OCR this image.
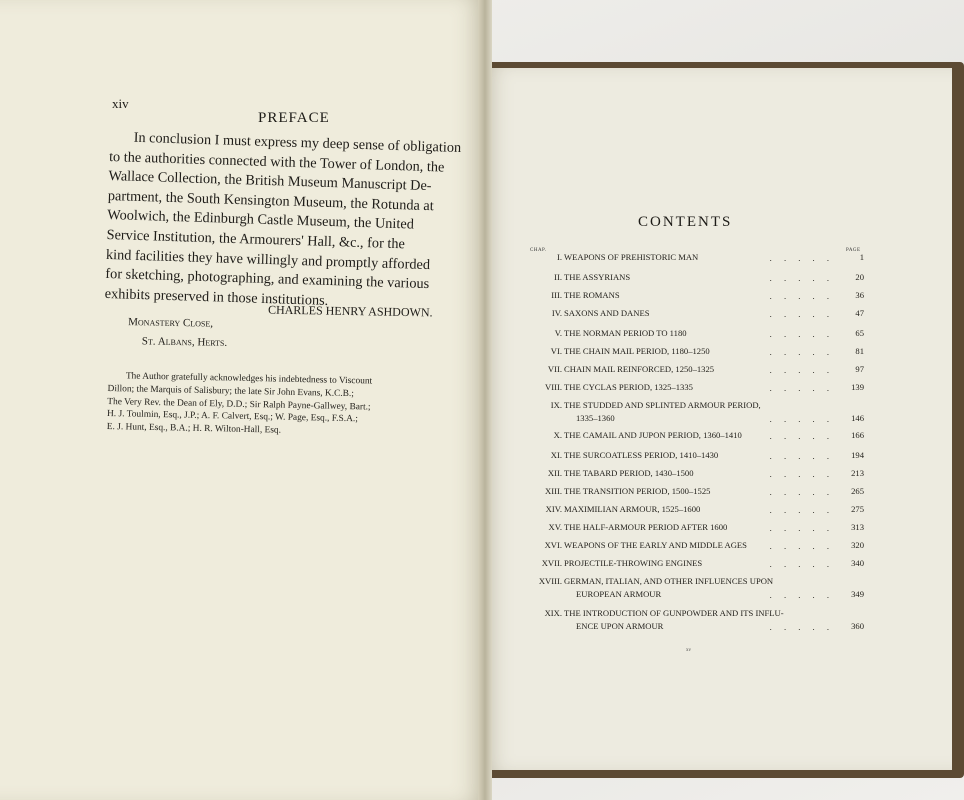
xiv
PREFACE
In conclusion I must express my deep sense of obligation
to the authorities connected with the Tower of London, the
Wallace Collection, the British Museum Manuscript De-
partment, the South Kensington Museum, the Rotunda at
Woolwich, the Edinburgh Castle Museum, the United
Service Institution, the Armourers' Hall, &c., for the
kind facilities they have willingly and promptly afforded
for sketching, photographing, and examining the various
exhibits preserved in those institutions.
CHARLES HENRY ASHDOWN.
Monastery Close,
St. Albans, Herts.
The Author gratefully acknowledges his indebtedness to Viscount
Dillon; the Marquis of Salisbury; the late Sir John Evans, K.C.B.;
The Very Rev. the Dean of Ely, D.D.; Sir Ralph Payne-Gallwey, Bart.;
H. J. Toulmin, Esq., J.P.; A. F. Calvert, Esq.; W. Page, Esq., F.S.A.;
E. J. Hunt, Esq., B.A.; H. R. Wilton-Hall, Esq.
CONTENTS
CHAP.	PAGE
I. WEAPONS OF PREHISTORIC MAN	. . . . .	1
II. THE ASSYRIANS	. . . . . 20
III. THE ROMANS	. . . . . 36
IV. SAXONS AND DANES	. . . . . 47
V. THE NORMAN PERIOD TO 1180	. . . . . 65
VI. THE CHAIN MAIL PERIOD, 1180–1250	. . . . . 81
VII. CHAIN MAIL REINFORCED, 1250–1325	. . . . . 97
VIII. THE CYCLAS PERIOD, 1325–1335	. . . . . 139
IX. THE STUDDED AND SPLINTED ARMOUR PERIOD,
1335–1360	. . . . . 146
X. THE CAMAIL AND JUPON PERIOD, 1360–1410	. . . . . 166
XI. THE SURCOATLESS PERIOD, 1410–1430	. . . . . 194
XII. THE TABARD PERIOD, 1430–1500	. . . . . 213
XIII. THE TRANSITION PERIOD, 1500–1525	. . . . . 265
XIV. MAXIMILIAN ARMOUR, 1525–1600	. . . . . 275
XV. THE HALF-ARMOUR PERIOD AFTER 1600	. . . . . 313
XVI. WEAPONS OF THE EARLY AND MIDDLE AGES	. . . . . 320
XVII. PROJECTILE-THROWING ENGINES	. . . . . 340
XVIII. GERMAN, ITALIAN, AND OTHER INFLUENCES UPON
EUROPEAN ARMOUR	. . . . . 349
XIX. THE INTRODUCTION OF GUNPOWDER AND ITS INFLU-
ENCE UPON ARMOUR	. . . . . 360
xv
